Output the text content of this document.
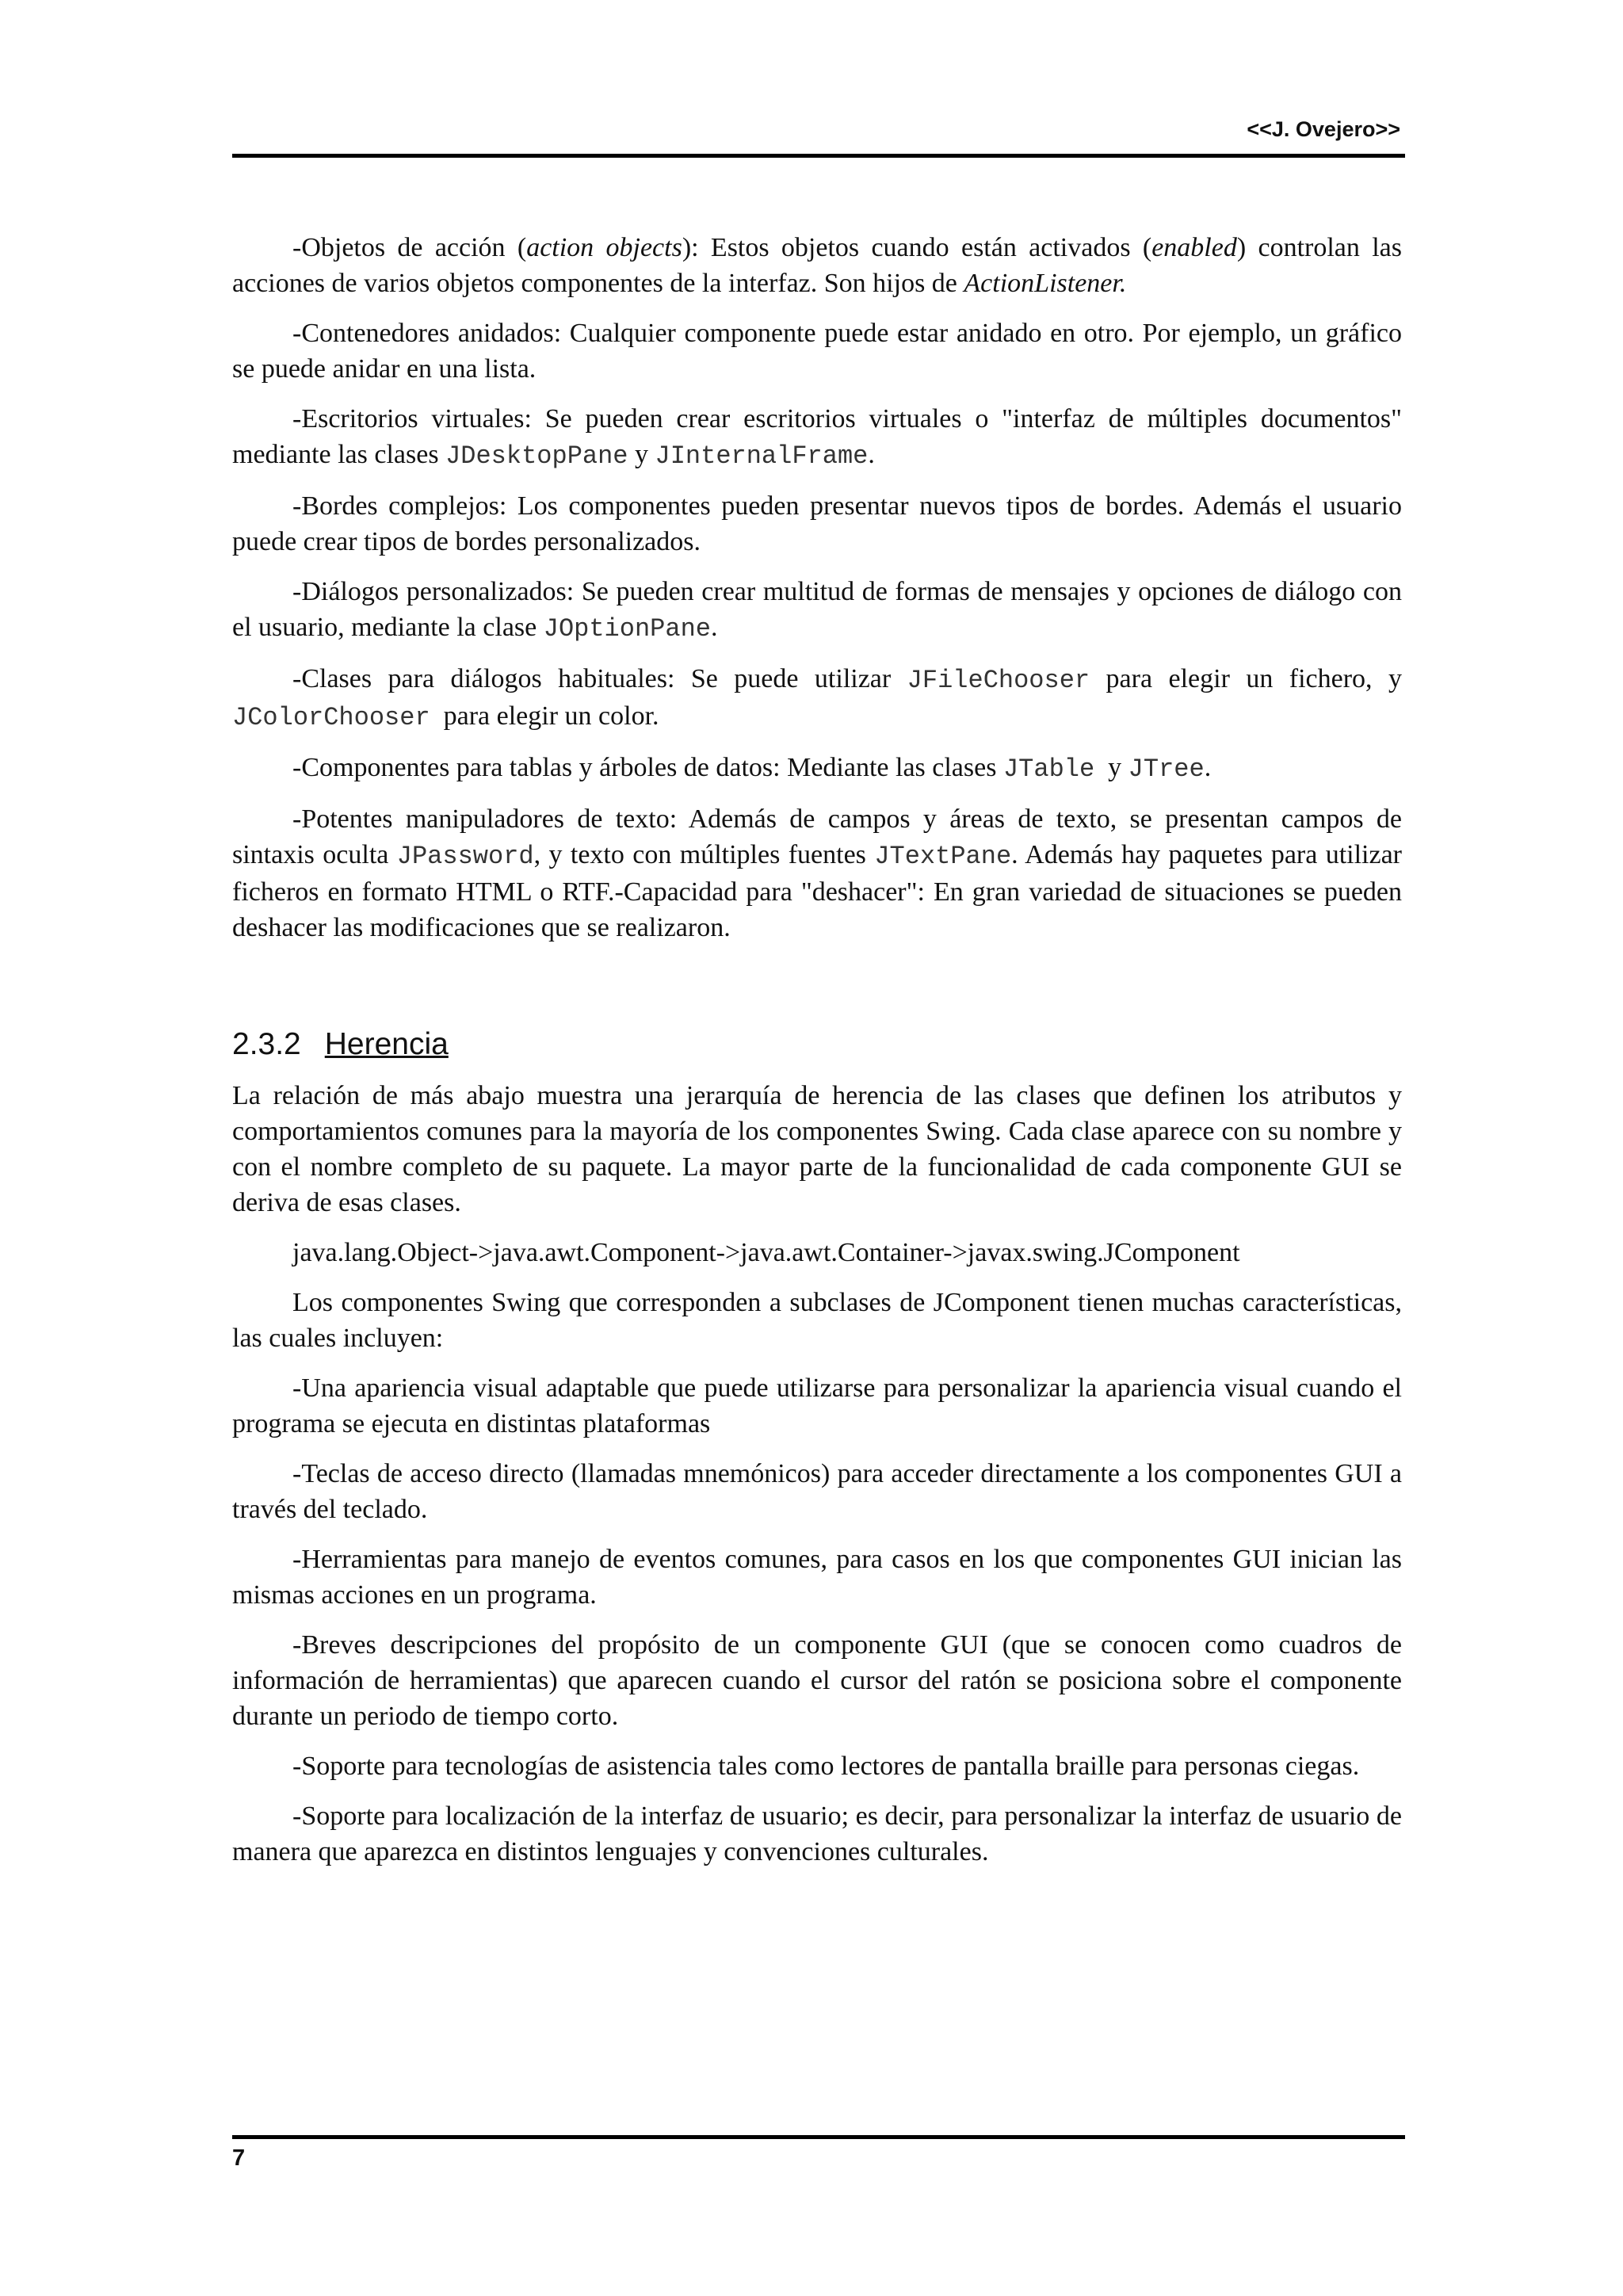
<<J. Ovejero>>

-Objetos de acción (action objects): Estos objetos cuando están activados (enabled) controlan las acciones de varios objetos componentes de la interfaz. Son hijos de ActionListener.

-Contenedores anidados: Cualquier componente puede estar anidado en otro. Por ejemplo, un gráfico se puede anidar en una lista.

-Escritorios virtuales: Se pueden crear escritorios virtuales o "interfaz de múltiples documentos" mediante las clases JDesktopPane y JInternalFrame.

-Bordes complejos: Los componentes pueden presentar nuevos tipos de bordes. Además el usuario puede crear tipos de bordes personalizados.

-Diálogos personalizados: Se pueden crear multitud de formas de mensajes y opciones de diálogo con el usuario, mediante la clase JOptionPane.

-Clases para diálogos habituales: Se puede utilizar JFileChooser para elegir un fichero, y JColorChooser  para elegir un color.

-Componentes para tablas y árboles de datos: Mediante las clases JTable  y JTree.

-Potentes manipuladores de texto: Además de campos y áreas de texto, se presentan campos de sintaxis oculta JPassword, y texto con múltiples fuentes JTextPane. Además hay paquetes para utilizar ficheros en formato HTML o RTF.-Capacidad para "deshacer": En gran variedad de situaciones se pueden deshacer las modificaciones que se realizaron.

2.3.2 Herencia

La relación de más abajo muestra una jerarquía de herencia de las clases que definen los atributos y comportamientos comunes para la mayoría de los componentes Swing. Cada clase aparece con su nombre y con el nombre completo de su paquete. La mayor parte de la funcionalidad de cada componente GUI se deriva de esas clases.

java.lang.Object->java.awt.Component->java.awt.Container->javax.swing.JComponent

Los componentes Swing que corresponden a subclases de JComponent tienen muchas características, las cuales incluyen:

-Una apariencia visual adaptable que puede utilizarse para personalizar la apariencia visual cuando el programa se ejecuta en distintas plataformas

-Teclas de acceso directo (llamadas mnemónicos) para acceder directamente a los componentes GUI a través del teclado.

-Herramientas para manejo de eventos comunes, para casos en los que componentes GUI inician las mismas acciones en un programa.

-Breves descripciones del propósito de un componente GUI (que se conocen como cuadros de información de herramientas) que aparecen cuando el cursor del ratón se posiciona sobre el componente durante un periodo de tiempo corto.

-Soporte para tecnologías de asistencia tales como lectores de pantalla braille para personas ciegas.

-Soporte para localización de la interfaz de usuario; es decir, para personalizar la interfaz de usuario de manera que aparezca en distintos lenguajes y convenciones culturales.

7
